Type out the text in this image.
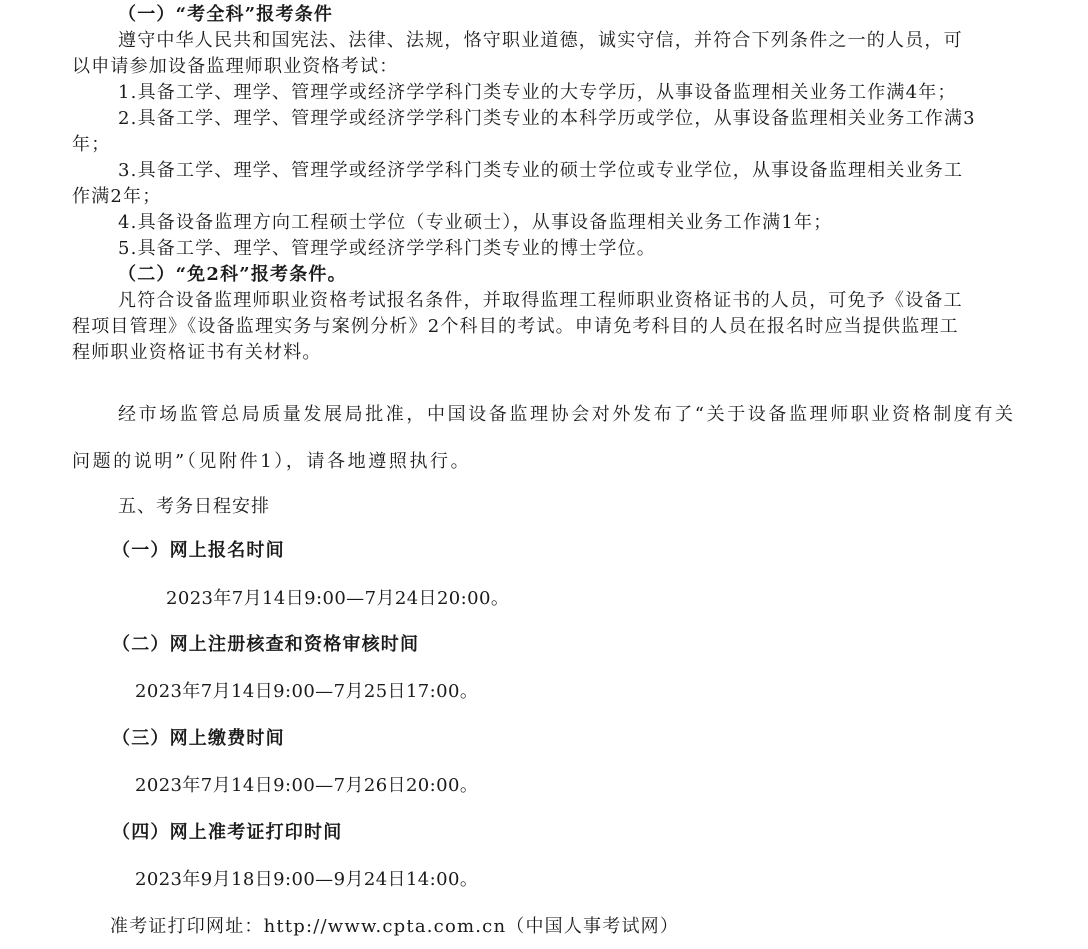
（一）“考全科”报考条件

遵守中华人民共和国宪法、法律、法规，恪守职业道德，诚实守信，并符合下列条件之一的人员，可

以申请参加设备监理师职业资格考试：

1.具备工学、理学、管理学或经济学学科门类专业的大专学历，从事设备监理相关业务工作满4年；

2.具备工学、理学、管理学或经济学学科门类专业的本科学历或学位，从事设备监理相关业务工作满3

年；

3.具备工学、理学、管理学或经济学学科门类专业的硕士学位或专业学位，从事设备监理相关业务工

作满2年；

4.具备设备监理方向工程硕士学位（专业硕士），从事设备监理相关业务工作满1年；

5.具备工学、理学、管理学或经济学学科门类专业的博士学位。

（二）“免2科”报考条件。

凡符合设备监理师职业资格考试报名条件，并取得监理工程师职业资格证书的人员，可免予《设备工

程项目管理》《设备监理实务与案例分析》2个科目的考试。申请免考科目的人员在报名时应当提供监理工

程师职业资格证书有关材料。

经市场监管总局质量发展局批准，中国设备监理协会对外发布了“关于设备监理师职业资格制度有关

问题的说明”（见附件1），请各地遵照执行。

五、考务日程安排

（一）网上报名时间

2023年7月14日9:00—7月24日20:00。

（二）网上注册核查和资格审核时间

2023年7月14日9:00—7月25日17:00。

（三）网上缴费时间

2023年7月14日9:00—7月26日20:00。

（四）网上准考证打印时间

2023年9月18日9:00—9月24日14:00。

准考证打印网址：http://www.cpta.com.cn（中国人事考试网）
